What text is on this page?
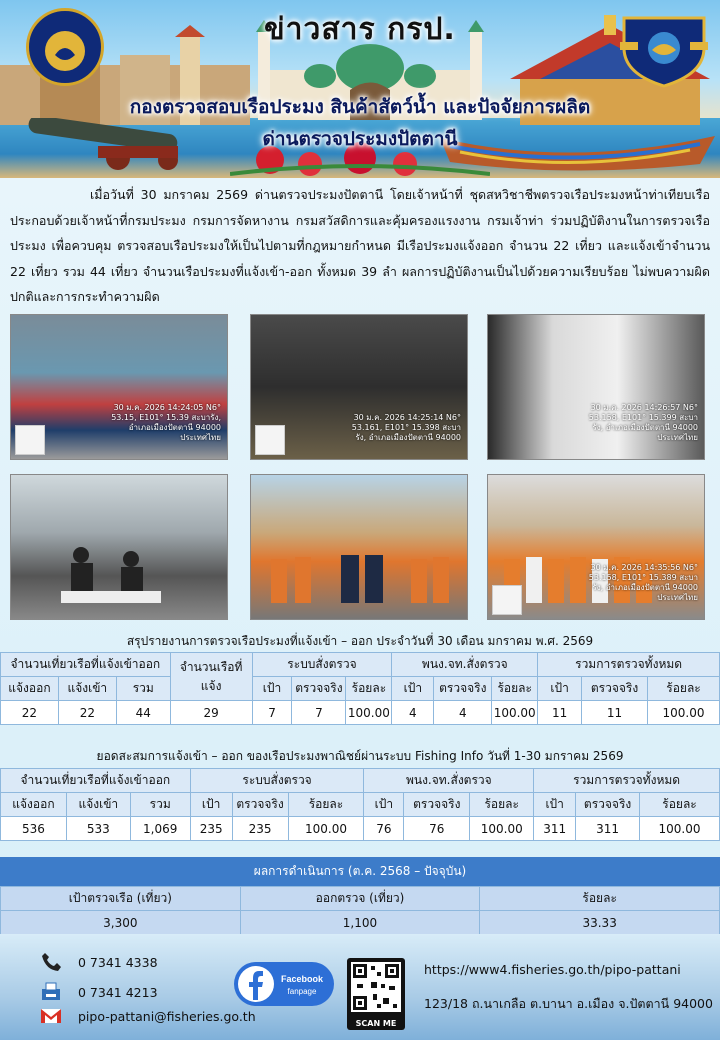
ข่าวสาร กรป.
กองตรวจสอบเรือประมง สินค้าสัตว์น้ำ และปัจจัยการผลิต
ด่านตรวจประมงปัตตานี
เมื่อวันที่ 30 มกราคม 2569 ด่านตรวจประมงปัตตานี โดยเจ้าหน้าที่ ชุดสหวิชาชีพตรวจเรือประมงหน้าท่าเทียบเรือ ประกอบด้วยเจ้าหน้าที่กรมประมง กรมการจัดหางาน กรมสวัสดิการและคุ้มครองแรงงาน กรมเจ้าท่า ร่วมปฏิบัติงานในการตรวจเรือประมง เพื่อควบคุม ตรวจสอบเรือประมงให้เป็นไปตามที่กฎหมายกำหนด มีเรือประมงแจ้งออก จำนวน 22 เที่ยว และแจ้งเข้าจำนวน 22 เที่ยว รวม 44 เที่ยว จำนวนเรือประมงที่แจ้งเข้า-ออก ทั้งหมด 39 ลำ ผลการปฏิบัติงานเป็นไปด้วยความเรียบร้อย ไม่พบความผิดปกติและการกระทำความผิด
30 ม.ค. 2026 14:24:05 N6° 53.15, E101° 15.39 สะบารัง, อำเภอเมืองปัตตานี 94000 ประเทศไทย
30 ม.ค. 2026 14:25:14 N6° 53.161, E101° 15.398 สะบารัง, อำเภอเมืองปัตตานี 94000
30 ม.ค. 2026 14:26:57 N6° 53.158, E101° 15.399 สะบารัง, อำเภอเมืองปัตตานี 94000 ประเทศไทย
30 ม.ค. 2026 14:35:56 N6° 53.158, E101° 15.389 สะบารัง, อำเภอเมืองปัตตานี 94000 ประเทศไทย
สรุปรายงานการตรวจเรือประมงที่แจ้งเข้า – ออก ประจำวันที่ 30 เดือน มกราคม พ.ศ. 2569
จำนวนเที่ยวเรือที่แจ้งเข้าออก			จำนวนเรือที่แจ้ง	ระบบสั่งตรวจ			พนง.จท.สั่งตรวจ			รวมการตรวจทั้งหมด		
แจ้งออก	แจ้งเข้า	รวม		เป้า	ตรวจจริง	ร้อยละ	เป้า	ตรวจจริง	ร้อยละ	เป้า	ตรวจจริง	ร้อยละ
22	22	44	29	7	7	100.00	4	4	100.00	11	11	100.00
ยอดสะสมการแจ้งเข้า – ออก ของเรือประมงพาณิชย์ผ่านระบบ Fishing Info วันที่ 1-30 มกราคม 2569
จำนวนเที่ยวเรือที่แจ้งเข้าออก			ระบบสั่งตรวจ			พนง.จท.สั่งตรวจ			รวมการตรวจทั้งหมด		
แจ้งออก	แจ้งเข้า	รวม	เป้า	ตรวจจริง	ร้อยละ	เป้า	ตรวจจริง	ร้อยละ	เป้า	ตรวจจริง	ร้อยละ
536	533	1,069	235	235	100.00	76	76	100.00	311	311	100.00
ผลการดำเนินการ (ต.ค. 2568 – ปัจจุบัน)
เป้าตรวจเรือ (เที่ยว)	ออกตรวจ (เที่ยว)	ร้อยละ
3,300	1,100	33.33
0 7341 4338
0 7341 4213
pipo-pattani@fisheries.go.th
Facebook
fanpage
SCAN ME
https://www4.fisheries.go.th/pipo-pattani
123/18 ถ.นาเกลือ ต.บานา อ.เมือง จ.ปัตตานี 94000
